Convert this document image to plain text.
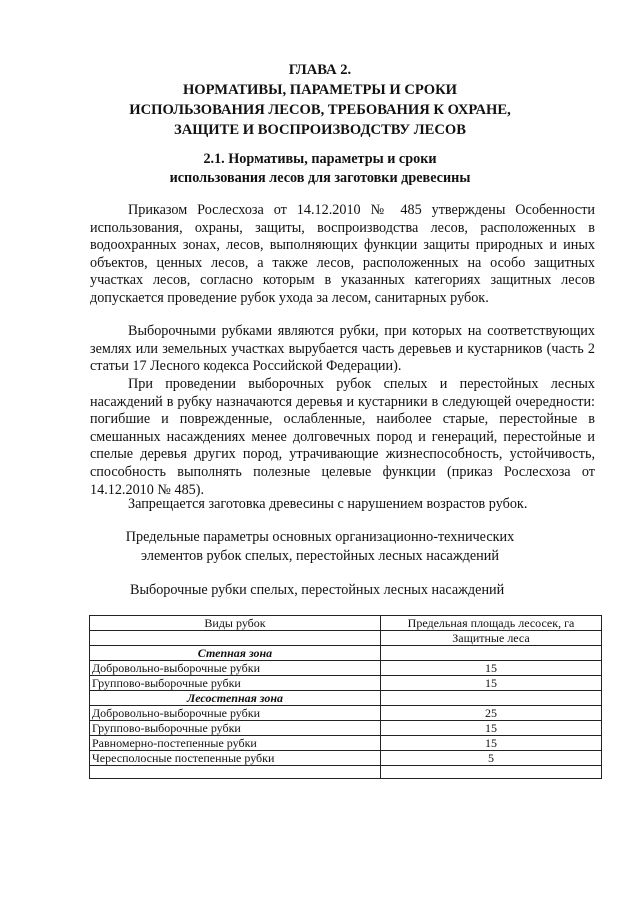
ГЛАВА 2.
НОРМАТИВЫ, ПАРАМЕТРЫ И СРОКИ
ИСПОЛЬЗОВАНИЯ ЛЕСОВ, ТРЕБОВАНИЯ К ОХРАНЕ,
ЗАЩИТЕ И ВОСПРОИЗВОДСТВУ ЛЕСОВ
2.1. Нормативы, параметры и сроки
использования лесов для заготовки древесины

Приказом Рослесхоза от 14.12.2010 № 485 утверждены Особенности использования, охраны, защиты, воспроизводства лесов, расположенных в водоохранных зонах, лесов, выполняющих функции защиты природных и иных объектов, ценных лесов, а также лесов, расположенных на особо защитных участках лесов, согласно которым в указанных категориях защитных лесов допускается проведение рубок ухода за лесом, санитарных рубок.

Выборочными рубками являются рубки, при которых на соответствующих землях или земельных участках вырубается часть деревьев и кустарников (часть 2 статьи 17 Лесного кодекса Российской Федерации).

При проведении выборочных рубок спелых и перестойных лесных насаждений в рубку назначаются деревья и кустарники в следующей очередности: погибшие и поврежденные, ослабленные, наиболее старые, перестойные в смешанных насаждениях менее долговечных пород и генераций, перестойные и спелые деревья других пород, утрачивающие жизнеспособность, устойчивость, способность выполнять полезные целевые функции (приказ Рослесхоза от 14.12.2010 № 485).

Запрещается заготовка древесины с нарушением возрастов рубок.

Предельные параметры основных организационно-технических
элементов рубок спелых, перестойных лесных насаждений
Выборочные рубки спелых, перестойных лесных насаждений
Виды рубок	Предельная площадь лесосек, га
	Защитные леса
Степная зона	
Добровольно-выборочные рубки	15
Группово-выборочные рубки	15
Лесостепная зона	
Добровольно-выборочные рубки	25
Группово-выборочные рубки	15
Равномерно-постепенные рубки	15
Чересполосные постепенные рубки	5
